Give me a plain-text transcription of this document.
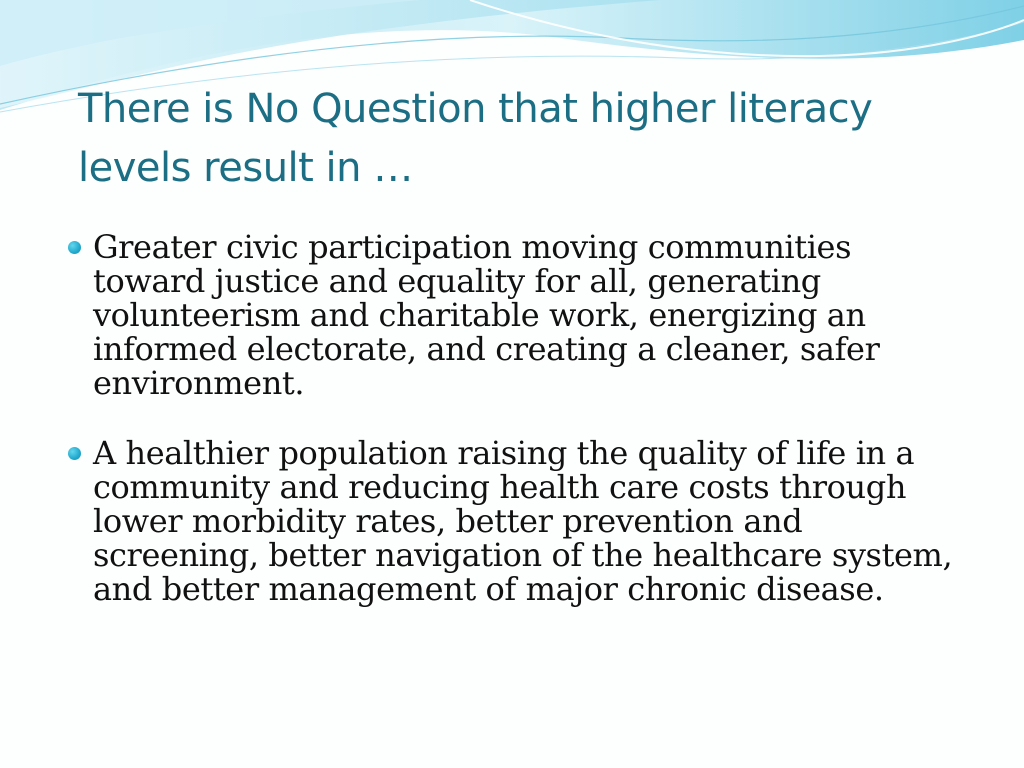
There is No Question that higher literacy levels result in …
Greater civic participation moving communities toward justice and equality for all, generating volunteerism and charitable work, energizing an informed electorate, and creating a cleaner, safer environment.
A healthier population raising the quality of life in a community and reducing health care costs through lower morbidity rates, better prevention and screening, better navigation of the healthcare system, and better management of major chronic disease.
